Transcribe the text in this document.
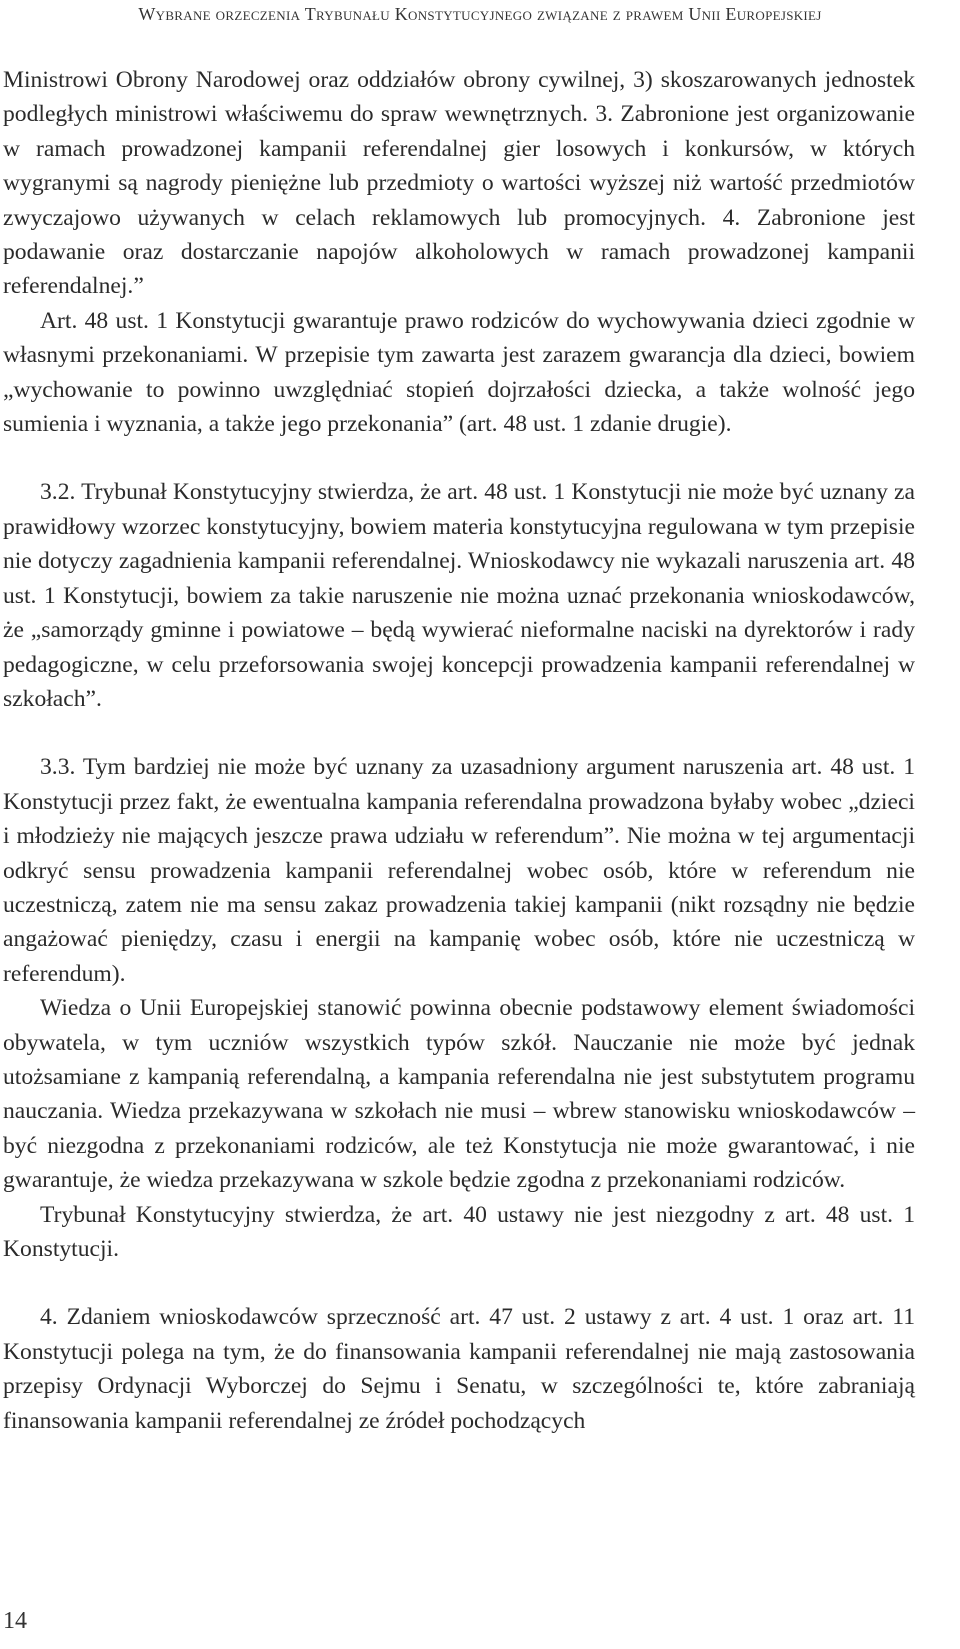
Wybrane orzeczenia Trybunału Konstytucyjnego związane z prawem Unii Europejskiej

Ministrowi Obrony Narodowej oraz oddziałów obrony cywilnej, 3) skoszarowanych jednostek podległych ministrowi właściwemu do spraw wewnętrznych. 3. Zabronione jest organizowanie w ramach prowadzonej kampanii referendalnej gier losowych i konkursów, w których wygranymi są nagrody pieniężne lub przedmioty o wartości wyższej niż wartość przedmiotów zwyczajowo używanych w celach reklamowych lub promocyjnych. 4. Zabronione jest podawanie oraz dostarczanie napojów alkoholowych w ramach prowadzonej kampanii referendalnej.”

Art. 48 ust. 1 Konstytucji gwarantuje prawo rodziców do wychowywania dzieci zgodnie w własnymi przekonaniami. W przepisie tym zawarta jest zarazem gwarancja dla dzieci, bowiem „wychowanie to powinno uwzględniać stopień dojrzałości dziecka, a także wolność jego sumienia i wyznania, a także jego przekonania” (art. 48 ust. 1 zdanie drugie).

3.2. Trybunał Konstytucyjny stwierdza, że art. 48 ust. 1 Konstytucji nie może być uznany za prawidłowy wzorzec konstytucyjny, bowiem materia konstytucyjna regulowana w tym przepisie nie dotyczy zagadnienia kampanii referendalnej. Wnioskodawcy nie wykazali naruszenia art. 48 ust. 1 Konstytucji, bowiem za takie naruszenie nie można uznać przekonania wnioskodawców, że „samorządy gminne i powiatowe – będą wywierać nieformalne naciski na dyrektorów i rady pedagogiczne, w celu przeforsowania swojej koncepcji prowadzenia kampanii referendalnej w szkołach”.

3.3. Tym bardziej nie może być uznany za uzasadniony argument naruszenia art. 48 ust. 1 Konstytucji przez fakt, że ewentualna kampania referendalna prowadzona byłaby wobec „dzieci i młodzieży nie mających jeszcze prawa udziału w referendum”. Nie można w tej argumentacji odkryć sensu prowadzenia kampanii referendalnej wobec osób, które w referendum nie uczestniczą, zatem nie ma sensu zakaz prowadzenia takiej kampanii (nikt rozsądny nie będzie angażować pieniędzy, czasu i energii na kampanię wobec osób, które nie uczestniczą w referendum).

Wiedza o Unii Europejskiej stanowić powinna obecnie podstawowy element świadomości obywatela, w tym uczniów wszystkich typów szkół. Nauczanie nie może być jednak utożsamiane z kampanią referendalną, a kampania referendalna nie jest substytutem programu nauczania. Wiedza przekazywana w szkołach nie musi – wbrew stanowisku wnioskodawców – być niezgodna z przekonaniami rodziców, ale też Konstytucja nie może gwarantować, i nie gwarantuje, że wiedza przekazywana w szkole będzie zgodna z przekonaniami rodziców.

Trybunał Konstytucyjny stwierdza, że art. 40 ustawy nie jest niezgodny z art. 48 ust. 1 Konstytucji.

4. Zdaniem wnioskodawców sprzeczność art. 47 ust. 2 ustawy z art. 4 ust. 1 oraz art. 11 Konstytucji polega na tym, że do finansowania kampanii referendalnej nie mają zastosowania przepisy Ordynacji Wyborczej do Sejmu i Senatu, w szczególności te, które zabraniają finansowania kampanii referendalnej ze źródeł pochodzących

14
